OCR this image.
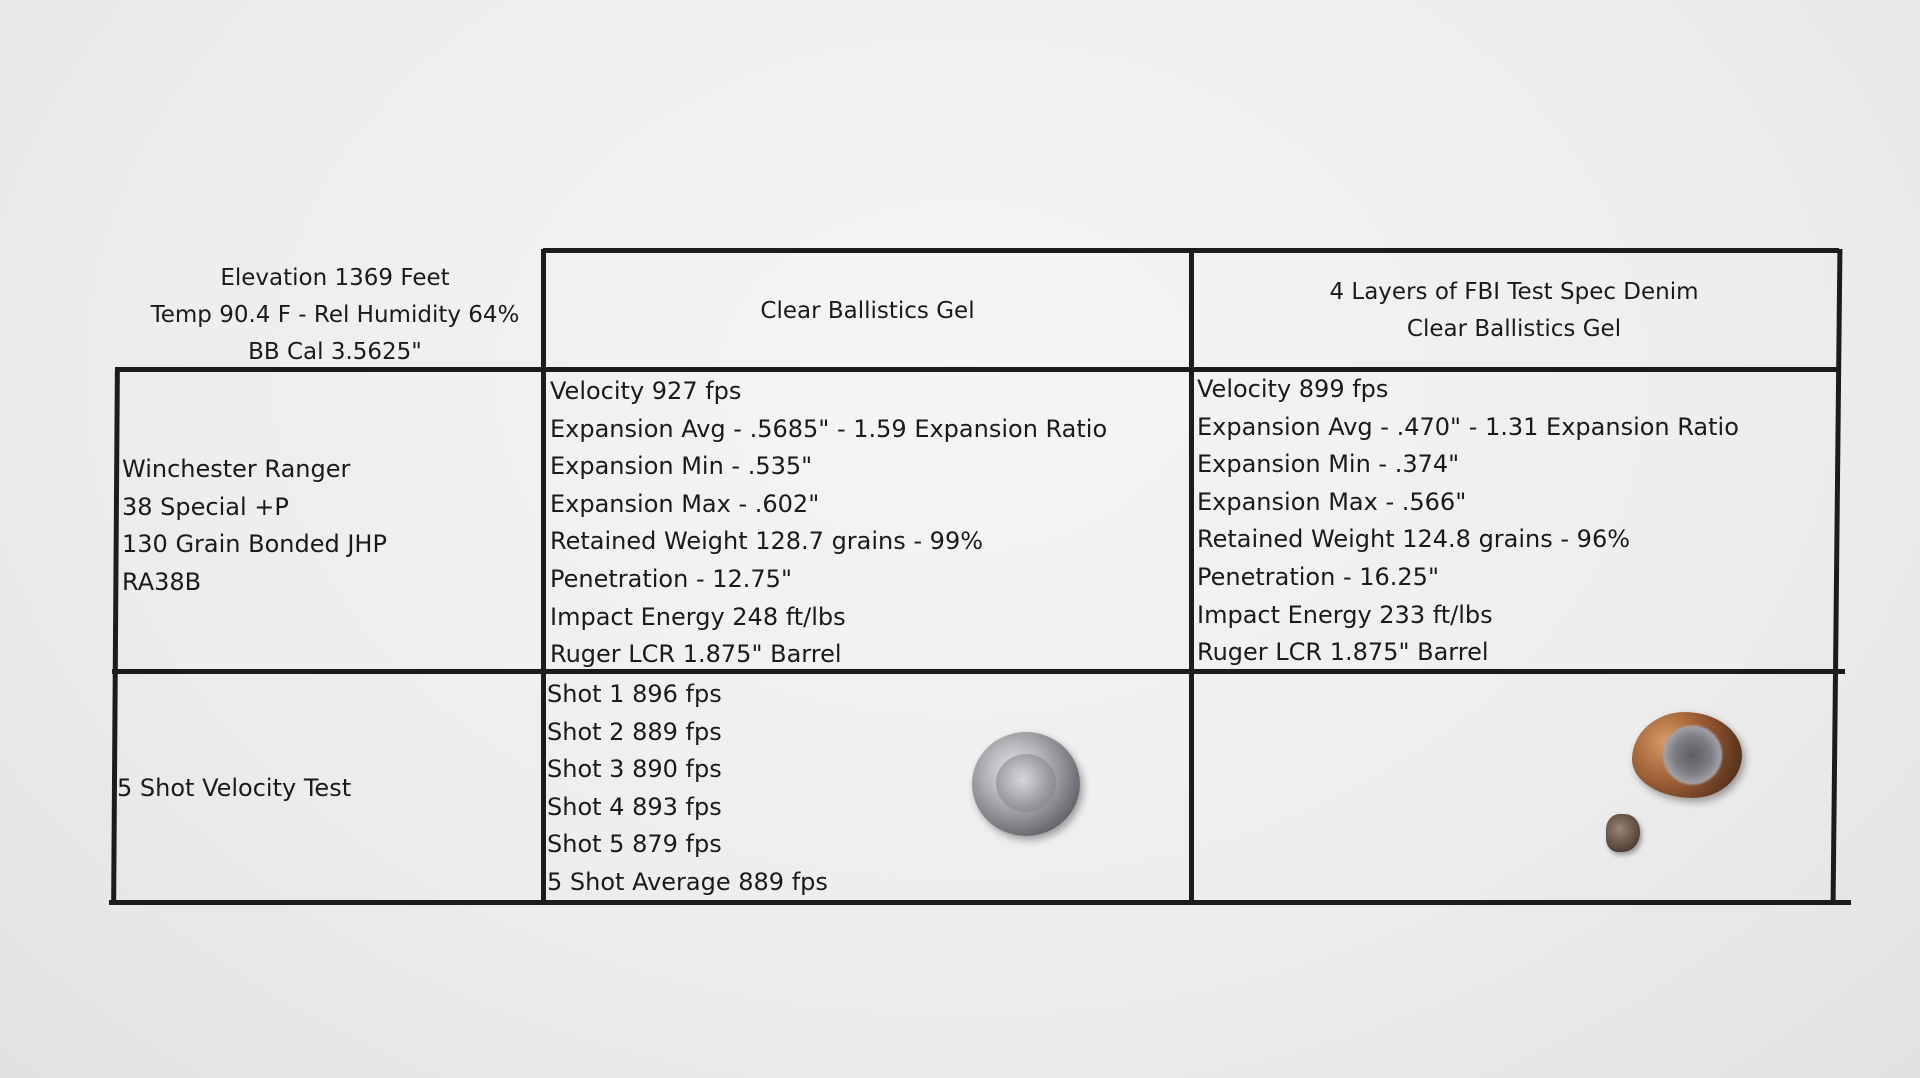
Elevation 1369 Feet
Temp 90.4 F - Rel Humidity 64%
BB Cal 3.5625"
Clear Ballistics Gel
4 Layers of FBI Test Spec Denim
Clear Ballistics Gel
Winchester Ranger
38 Special +P
130 Grain Bonded JHP
RA38B
Velocity 927 fps
Expansion Avg - .5685" - 1.59 Expansion Ratio
Expansion Min - .535"
Expansion Max - .602"
Retained Weight 128.7 grains - 99%
Penetration - 12.75"
Impact Energy 248 ft/lbs
Ruger LCR 1.875" Barrel
Velocity 899 fps
Expansion Avg - .470" - 1.31 Expansion Ratio
Expansion Min - .374"
Expansion Max - .566"
Retained Weight 124.8 grains - 96%
Penetration - 16.25"
Impact Energy 233 ft/lbs
Ruger LCR 1.875" Barrel
5 Shot Velocity Test
Shot 1 896 fps
Shot 2 889 fps
Shot 3 890 fps
Shot 4 893 fps
Shot 5 879 fps
5 Shot Average 889 fps
